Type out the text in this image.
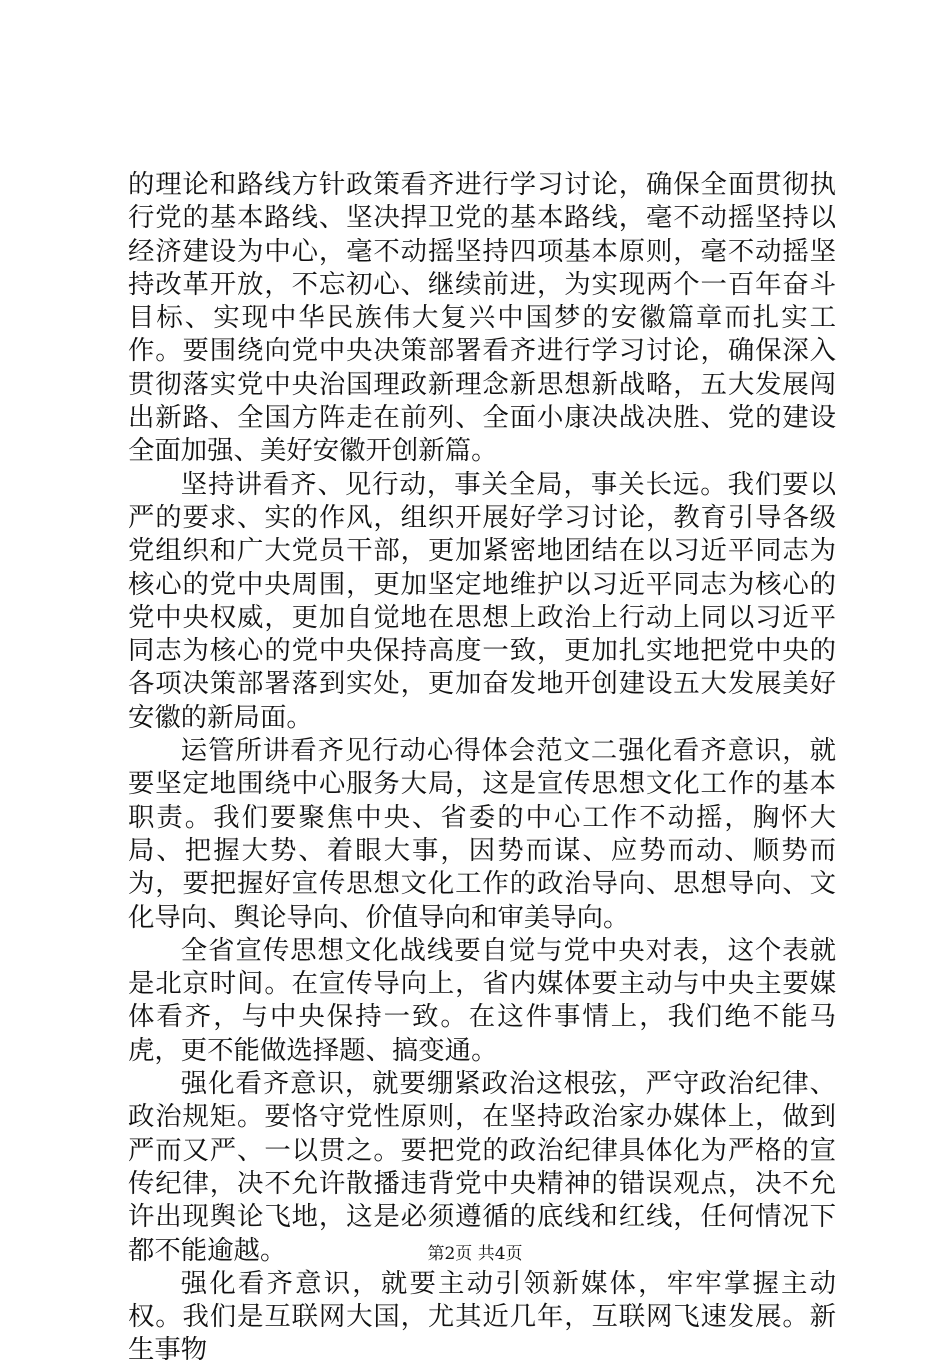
的理论和路线方针政策看齐进行学习讨论，确保全面贯彻执行党的基本路线、坚决捍卫党的基本路线，毫不动摇坚持以经济建设为中心，毫不动摇坚持四项基本原则，毫不动摇坚持改革开放，不忘初心、继续前进，为实现两个一百年奋斗目标、实现中华民族伟大复兴中国梦的安徽篇章而扎实工作。要围绕向党中央决策部署看齐进行学习讨论，确保深入贯彻落实党中央治国理政新理念新思想新战略，五大发展闯出新路、全国方阵走在前列、全面小康决战决胜、党的建设全面加强、美好安徽开创新篇。

坚持讲看齐、见行动，事关全局，事关长远。我们要以严的要求、实的作风，组织开展好学习讨论，教育引导各级党组织和广大党员干部，更加紧密地团结在以习近平同志为核心的党中央周围，更加坚定地维护以习近平同志为核心的党中央权威，更加自觉地在思想上政治上行动上同以习近平同志为核心的党中央保持高度一致，更加扎实地把党中央的各项决策部署落到实处，更加奋发地开创建设五大发展美好安徽的新局面。

运管所讲看齐见行动心得体会范文二强化看齐意识，就要坚定地围绕中心服务大局，这是宣传思想文化工作的基本职责。我们要聚焦中央、省委的中心工作不动摇，胸怀大局、把握大势、着眼大事，因势而谋、应势而动、顺势而为，要把握好宣传思想文化工作的政治导向、思想导向、文化导向、舆论导向、价值导向和审美导向。

全省宣传思想文化战线要自觉与党中央对表，这个表就是北京时间。在宣传导向上，省内媒体要主动与中央主要媒体看齐，与中央保持一致。在这件事情上，我们绝不能马虎，更不能做选择题、搞变通。

强化看齐意识，就要绷紧政治这根弦，严守政治纪律、政治规矩。要恪守党性原则，在坚持政治家办媒体上，做到严而又严、一以贯之。要把党的政治纪律具体化为严格的宣传纪律，决不允许散播违背党中央精神的错误观点，决不允许出现舆论飞地，这是必须遵循的底线和红线，任何情况下都不能逾越。

强化看齐意识，就要主动引领新媒体，牢牢掌握主动权。我们是互联网大国，尤其近几年，互联网飞速发展。新生事物

第2页 共4页
